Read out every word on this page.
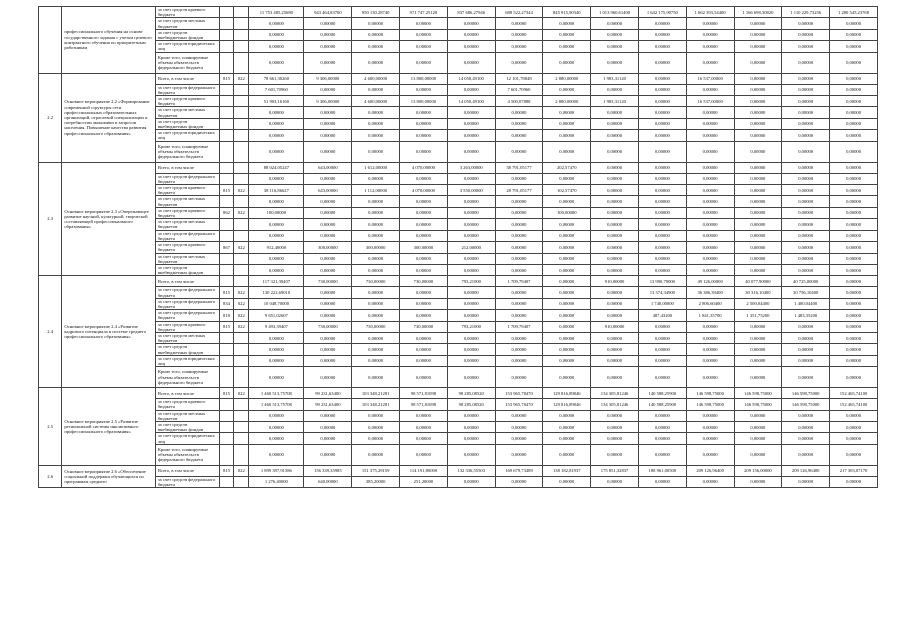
	профессионального обучения на основе государственного задания с учетом целевого контрактного обучения по приоритетным работникам	за счет средств краевого бюджета			11 753 485,25680	943 464,83700	950 130,28740	971 747,25120	837 686,27946	688 522,27344	845 915,90340	1 013 960,61400	1 642 175,90750	1 662 393,54400	1 166 698,30820	1 110 229,73256	1 280 545,23768
		за счет средств местных бюджетов			0,00000	0,00000	0,00000	0,00000	0,00000	0,00000	0,00000	0,00000	0,00000	0,00000	0,00000	0,00000	0,00000
		за счет средств внебюджетных фондов			0,00000	0,00000	0,00000	0,00000	0,00000	0,00000	0,00000	0,00000	0,00000	0,00000	0,00000	0,00000	0,00000
		за счет средств юридических лиц			0,00000	0,00000	0,00000	0,00000	0,00000	0,00000	0,00000	0,00000	0,00000	0,00000	0,00000	0,00000	0,00000
		Кроме того, планируемые объемы обязательств федерального бюджета			0,00000	0,00000	0,00000	0,00000	0,00000	0,00000	0,00000	0,00000	0,00000	0,00000	0,00000	0,00000	0,00000
2.2	Основное мероприятие 2.2 «Формирование современной структуры сети профессиональных образовательных организаций, отраслевой специализации и потребностям экономики и запросов населения. Повышение качества развития профессионального образования»	Всего, в том числе	815	022	78 661,30260	9 306,00000	4 600,00000	13 800,00000	14 050,49100	12 101,78848	2 880,00000	1 983,31120	0,00000	16 537,00000	0,00000	0,00000	0,00000
		за счет средств федерального бюджета			7 601,70960	0,00000	0,00000	0,00000	0,00000	7 601,70960	0,00000	0,00000	0,00000	0,00000	0,00000	0,00000	0,00000
		за счет средств краевого бюджета			51 903,16160	9 306,00000	4 600,00000	13 800,00000	14 050,49100	4 500,07888	2 880,00000	1 983,31120	0,00000	16 537,00000	0,00000	0,00000	0,00000
		за счет средств местных бюджетов			0,00000	0,00000	0,00000	0,00000	0,00000	0,00000	0,00000	0,00000	0,00000	0,00000	0,00000	0,00000	0,00000
		за счет средств внебюджетных фондов			0,00000	0,00000	0,00000	0,00000	0,00000	0,00000	0,00000	0,00000	0,00000	0,00000	0,00000	0,00000	0,00000
		за счет средств юридических лиц			0,00000	0,00000	0,00000	0,00000	0,00000	0,00000	0,00000	0,00000	0,00000	0,00000	0,00000	0,00000	0,00000
		Кроме того, планируемые объемы обязательств федерального бюджета			0,00000	0,00000	0,00000	0,00000	0,00000	0,00000	0,00000	0,00000	0,00000	0,00000	0,00000	0,00000	0,00000
2.3	Основное мероприятие 2.3 «Опережающее развитие научной, культурной, творческой составляющей профессионального образования»	Всего, в том числе			88 024,05247	643,00000	1 612,00000	4 070,00000	3 263,00000	38 791,05177	202,57470	0,00000	0,00000	0,00000	0,00000	0,00000	0,00000
		за счет средств федерального бюджета			0,00000	0,00000	0,00000	0,00000	0,00000	0,00000	0,00000	0,00000	0,00000	0,00000	0,00000	0,00000	0,00000
		за счет средств краевого бюджета	815	022	38 116,86627	643,00000	1 112,00000	4 070,00000	3 550,00000	28 791,05177	102,57470	0,00000	0,00000	0,00000	0,00000	0,00000	0,00000
		за счет средств местных бюджетов			0,00000	0,00000	0,00000	0,00000	0,00000	0,00000	0,00000	0,00000	0,00000	0,00000	0,00000	0,00000	0,00000
		за счет средств краевого бюджета	862	022	100,00000	0,00000	0,00000	0,00000	0,00000	0,00000	100,00000	0,00000	0,00000	0,00000	0,00000	0,00000	0,00000
		за счет средств местных бюджетов			0,00000	0,00000	0,00000	0,00000	0,00000	0,00000	0,00000	0,00000	0,00000	0,00000	0,00000	0,00000	0,00000
		за счет средств федерального бюджета			0,00000	0,00000	0,00000	0,00000	0,00000	0,00000	0,00000	0,00000	0,00000	0,00000	0,00000	0,00000	0,00000
		за счет средств краевого бюджета	867	022	912,40000	300,00000	300,00000	300,00000	212,00000	0,00000	0,00000	0,00000	0,00000	0,00000	0,00000	0,00000	0,00000
		за счет средств местных бюджетов			0,00000	0,00000	0,00000	0,00000	0,00000	0,00000	0,00000	0,00000	0,00000	0,00000	0,00000	0,00000	0,00000
		за счет средств внебюджетных фондов			0,00000	0,00000	0,00000	0,00000	0,00000	0,00000	0,00000	0,00000	0,00000	0,00000	0,00000	0,00000	0,00000
2.4	Основное мероприятие 2.4 «Развитие кадрового потенциала в системе среднего профессионального образования»	Всего, в том числе			117 321,39407	730,00000	730,00000	730,00000	793,21000	1 709,79407	0,00000	910,00000	13 990,79000	49 126,00000	40 077,90000	40 725,00000	0,00000
		за счет средств федерального бюджета	815	022	130 222,69010	0,00000	0,00000	0,00000	0,00000	0,00000	0,00000	0,00000	13 374,34900	36 386,39400	30 316,10400	30 756,10400	0,00000
		за счет средств федерального бюджета	834	022	10 048,70000	0,00000	0,00000	0,00000	0,00000	0,00000	0,00000	0,00000	1 740,00000	2 806,60400	2 500,04400	1 400,04400	0,00000
		за счет средств федерального бюджета	818	022	9 651,02607	0,00000	0,00000	0,00000	0,00000	0,00000	0,00000	0,00000	487,43200	1 841,35700	1 351,75200	1 483,35200	0,00000
		за счет средств краевого бюджета	815	022	9 493,39407	730,00000	730,00000	730,00000	793,21000	1 709,79407	0,00000	910,00000	0,00000	0,00000	0,00000	0,00000	0,00000
		за счет средств местных бюджетов			0,00000	0,00000	0,00000	0,00000	0,00000	0,00000	0,00000	0,00000	0,00000	0,00000	0,00000	0,00000	0,00000
		за счет средств внебюджетных фондов			0,00000	0,00000	0,00000	0,00000	0,00000	0,00000	0,00000	0,00000	0,00000	0,00000	0,00000	0,00000	0,00000
		за счет средств юридических лиц			0,00000	0,00000	0,00000	0,00000	0,00000	0,00000	0,00000	0,00000	0,00000	0,00000	0,00000	0,00000	0,00000
		Кроме того, планируемые объемы обязательств федерального бюджета			0,00000	0,00000	0,00000	0,00000	0,00000	0,00000	0,00000	0,00000	0,00000	0,00000	0,00000	0,00000	0,00000
2.5	Основное мероприятие 2.5 «Развитие региональной системы инклюзивного профессионального образования»	Всего, в том числе	815	022	1 460 513,75708	99 231,63400	103 348,21281	98 571,81098	98 285,08520	153 965,78470	129 816,89846	134 305,81246	140 588,25900	146 598,75000	146 598,75000	146 598,75000	152 465,74100
		за счет средств краевого бюджета			1 460 513,75708	99 231,63400	103 348,21281	98 571,81098	98 285,08520	153 965,78470	129 816,89846	134 305,81246	140 588,25900	146 598,75000	146 598,75000	146 598,75000	152 465,74100
		за счет средств местных бюджетов			0,00000	0,00000	0,00000	0,00000	0,00000	0,00000	0,00000	0,00000	0,00000	0,00000	0,00000	0,00000	0,00000
		за счет средств внебюджетных фондов			0,00000	0,00000	0,00000	0,00000	0,00000	0,00000	0,00000	0,00000	0,00000	0,00000	0,00000	0,00000	0,00000
		за счет средств юридических лиц			0,00000	0,00000	0,00000	0,00000	0,00000	0,00000	0,00000	0,00000	0,00000	0,00000	0,00000	0,00000	0,00000
		Кроме того, планируемые объемы обязательств федерального бюджета			0,00000	0,00000	0,00000	0,00000	0,00000	0,00000	0,00000	0,00000	0,00000	0,00000	0,00000	0,00000	0,00000
2.6	Основное мероприятие 2.6 «Обеспечение социальной поддержки обучающихся по программам среднего	Всего, в том числе	815	022	1 899 397,91586	156 339,35985	151 375,29159	114 191,80000	132 336,55503	169 679,73489	138 182,81937	175 851,32837	188 961,00500	209 126,96400	209 156,00000	209 126,96400	217 303,07170
		за счет средств федерального бюджета			1 276,40000	640,00000	385,20000	251,20000	0,00000	0,00000	0,00000	0,00000	0,00000	0,00000	0,00000	0,00000	0,00000
